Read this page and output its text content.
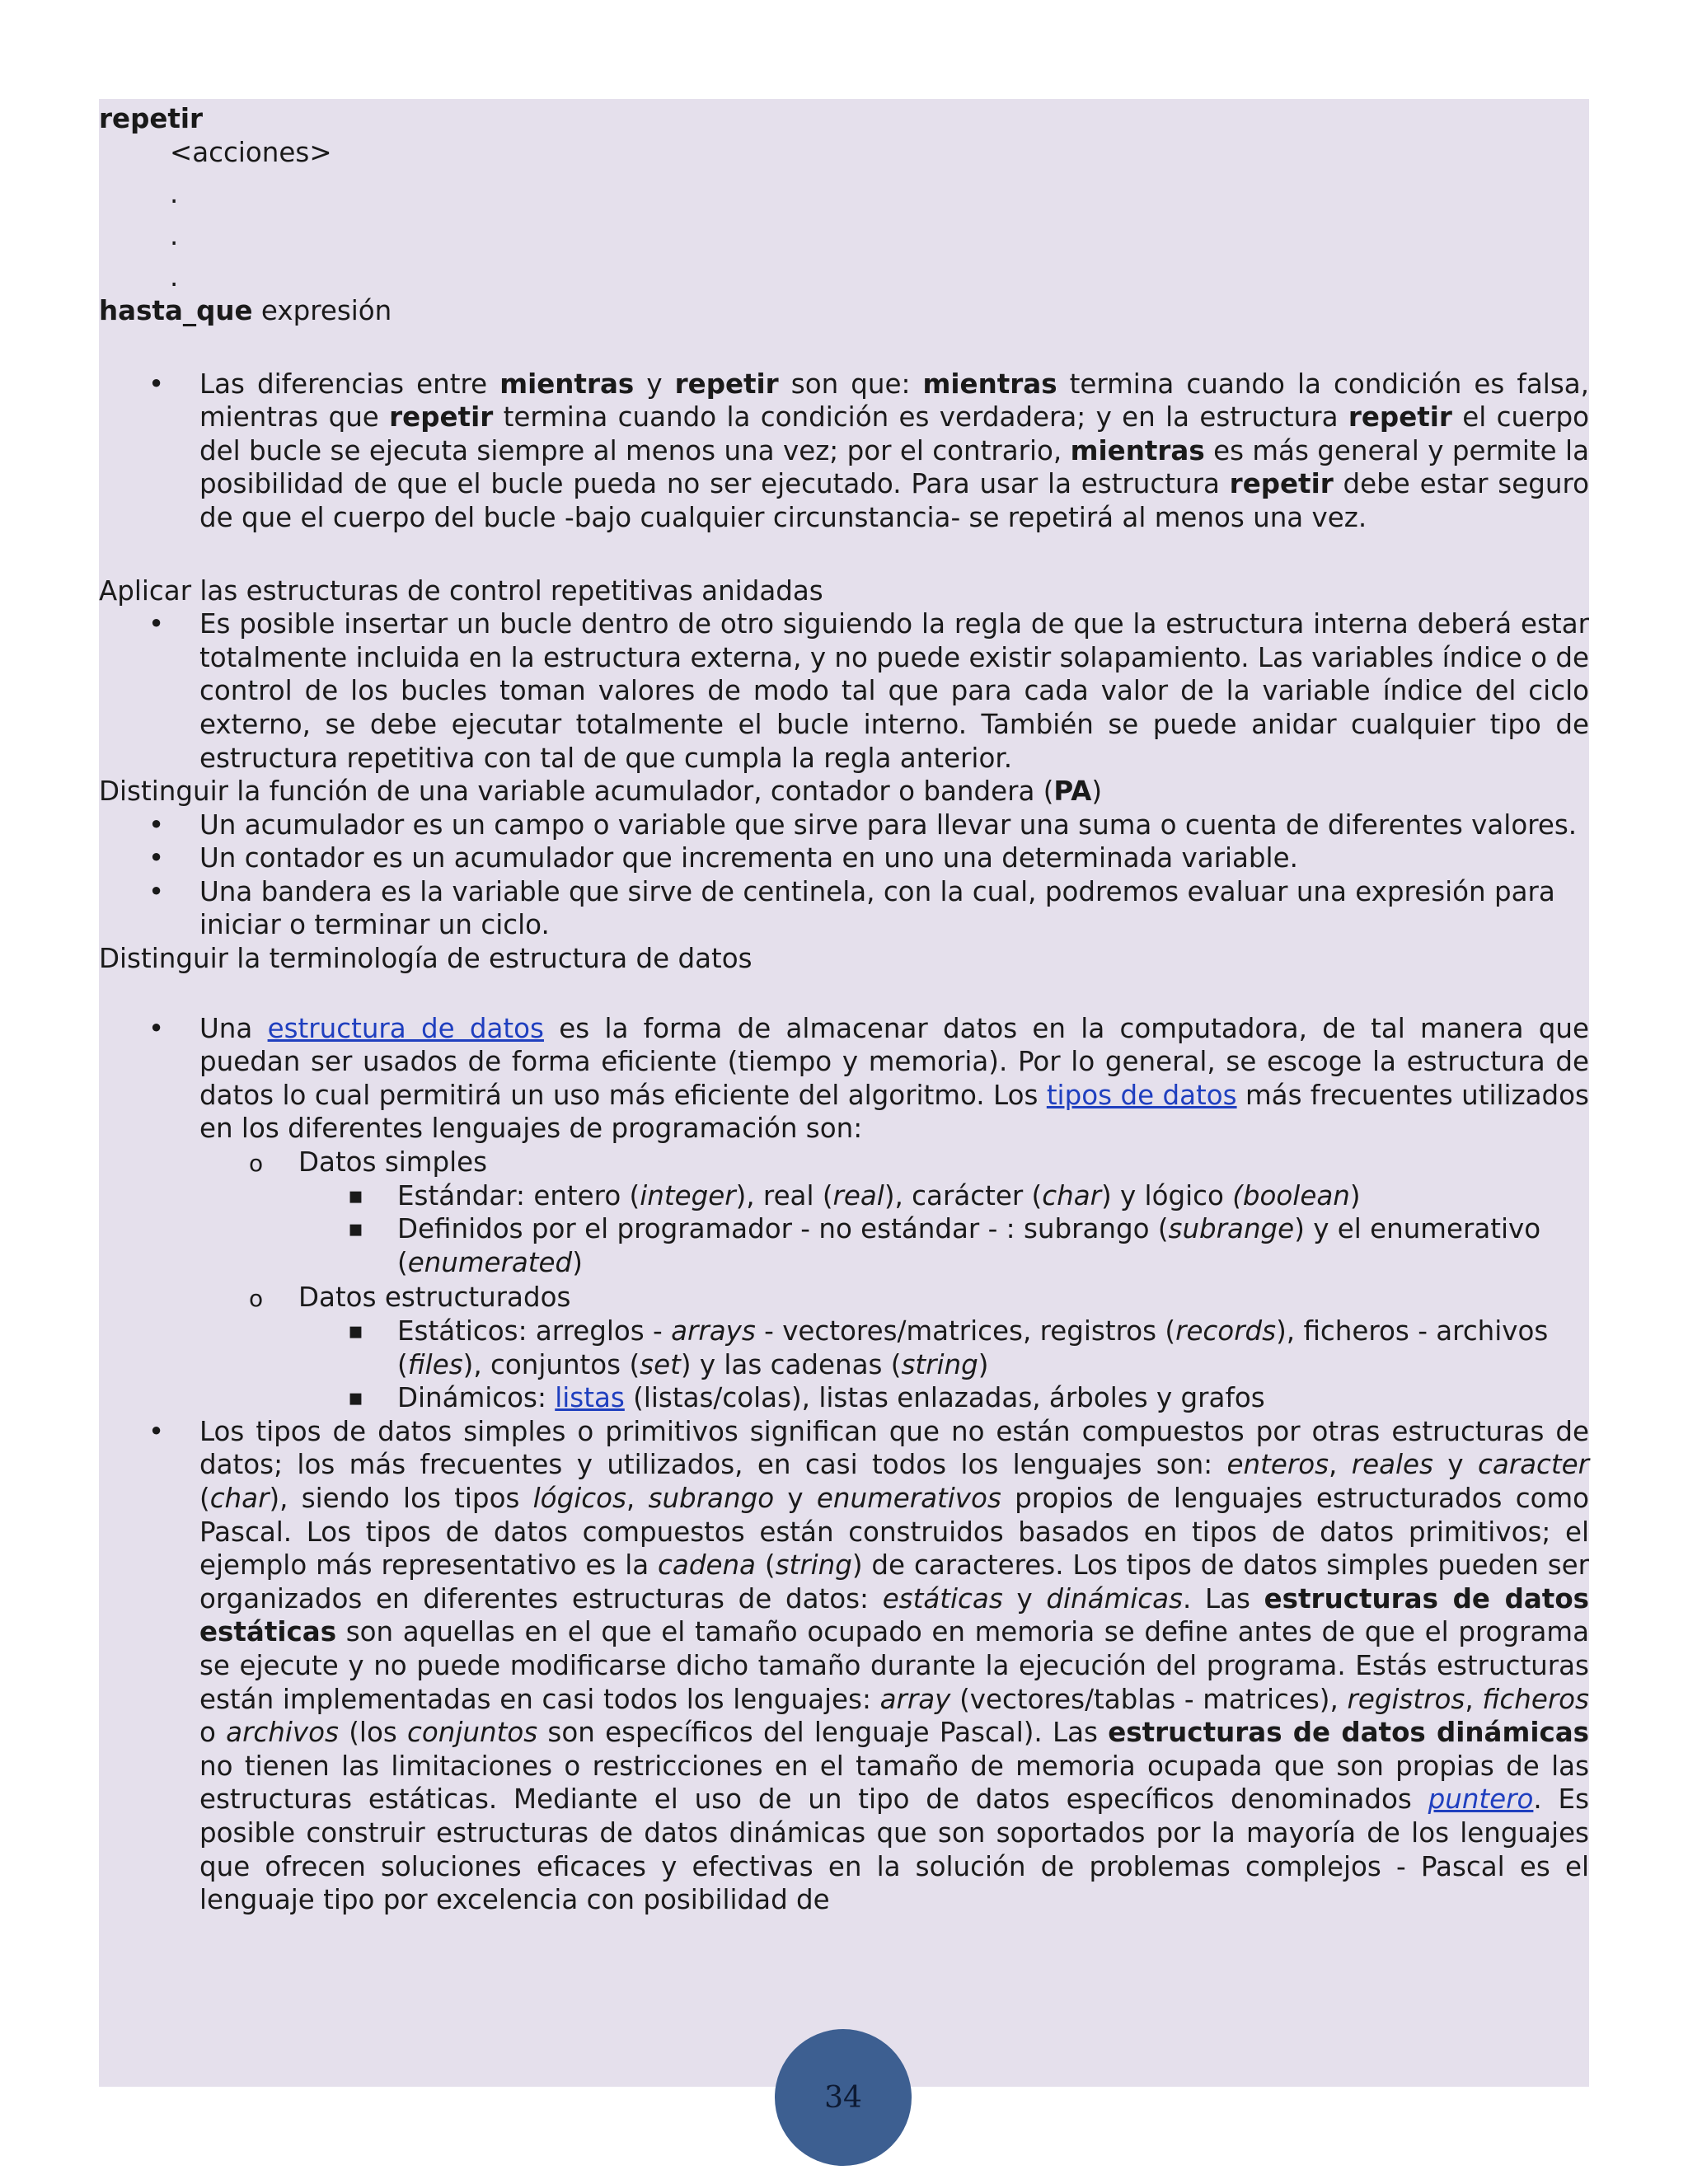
repetir

<acciones>

.

.

.

hasta_que expresión

• Las diferencias entre mientras y repetir son que: mientras termina cuando la condición es falsa, mientras que repetir termina cuando la condición es verdadera; y en la estructura repetir el cuerpo del bucle se ejecuta siempre al menos una vez; por el contrario, mientras es más general y permite la posibilidad de que el bucle pueda no ser ejecutado. Para usar la estructura repetir debe estar seguro de que el cuerpo del bucle -bajo cualquier circunstancia- se repetirá al menos una vez.

Aplicar las estructuras de control repetitivas anidadas

• Es posible insertar un bucle dentro de otro siguiendo la regla de que la estructura interna deberá estar totalmente incluida en la estructura externa, y no puede existir solapamiento. Las variables índice o de control de los bucles toman valores de modo tal que para cada valor de la variable índice del ciclo externo, se debe ejecutar totalmente el bucle interno. También se puede anidar cualquier tipo de estructura repetitiva con tal de que cumpla la regla anterior.

Distinguir la función de una variable acumulador, contador o bandera (PA)

• Un acumulador es un campo o variable que sirve para llevar una suma o cuenta de diferentes valores.
• Un contador es un acumulador que incrementa en uno una determinada variable.
• Una bandera es la variable que sirve de centinela, con la cual, podremos evaluar una expresión para iniciar o terminar un ciclo.

Distinguir la terminología de estructura de datos

• Una estructura de datos es la forma de almacenar datos en la computadora, de tal manera que puedan ser usados de forma eficiente (tiempo y memoria). Por lo general, se escoge la estructura de datos lo cual permitirá un uso más eficiente del algoritmo. Los tipos de datos más frecuentes utilizados en los diferentes lenguajes de programación son:
o Datos simples
▪ Estándar: entero (integer), real (real), carácter (char) y lógico (boolean)
▪ Definidos por el programador - no estándar - : subrango (subrange) y el enumerativo (enumerated)
o Datos estructurados
▪ Estáticos: arreglos - arrays - vectores/matrices, registros (records), ficheros - archivos (files), conjuntos (set) y las cadenas (string)
▪ Dinámicos: listas (listas/colas), listas enlazadas, árboles y grafos
• Los tipos de datos simples o primitivos significan que no están compuestos por otras estructuras de datos; los más frecuentes y utilizados, en casi todos los lenguajes son: enteros, reales y caracter (char), siendo los tipos lógicos, subrango y enumerativos propios de lenguajes estructurados como Pascal. Los tipos de datos compuestos están construidos basados en tipos de datos primitivos; el ejemplo más representativo es la cadena (string) de caracteres. Los tipos de datos simples pueden ser organizados en diferentes estructuras de datos: estáticas y dinámicas. Las estructuras de datos estáticas son aquellas en el que el tamaño ocupado en memoria se define antes de que el programa se ejecute y no puede modificarse dicho tamaño durante la ejecución del programa. Estás estructuras están implementadas en casi todos los lenguajes: array (vectores/tablas - matrices), registros, ficheros o archivos (los conjuntos son específicos del lenguaje Pascal). Las estructuras de datos dinámicas no tienen las limitaciones o restricciones en el tamaño de memoria ocupada que son propias de las estructuras estáticas. Mediante el uso de un tipo de datos específicos denominados puntero. Es posible construir estructuras de datos dinámicas que son soportados por la mayoría de los lenguajes que ofrecen soluciones eficaces y efectivas en la solución de problemas complejos - Pascal es el lenguaje tipo por excelencia con posibilidad de
34
